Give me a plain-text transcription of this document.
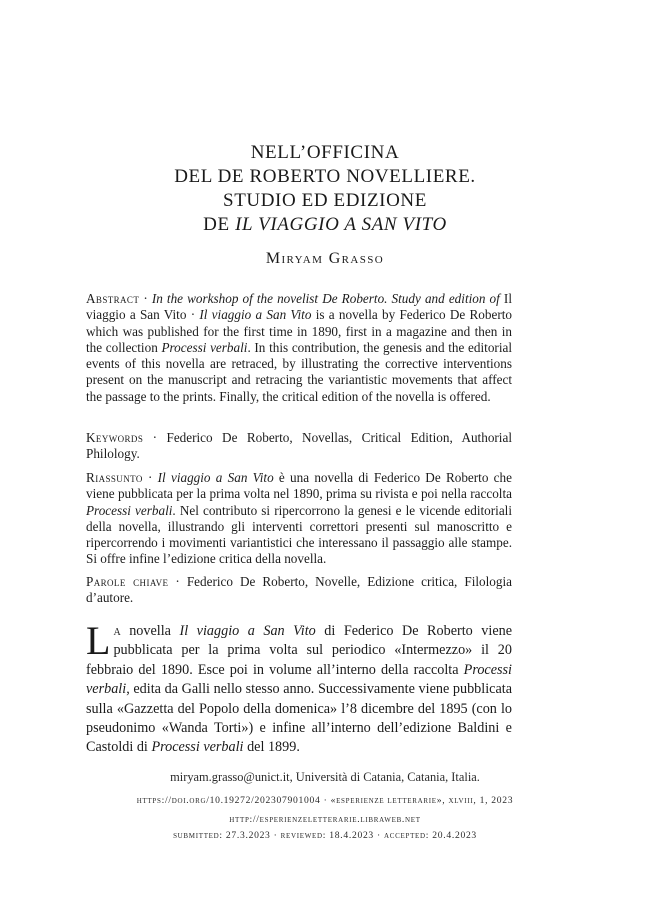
NELL’OFFICINA
DEL DE ROBERTO NOVELLIERE.
STUDIO ED EDIZIONE
DE IL VIAGGIO A SAN VITO
Miryam Grasso
Abstract · In the workshop of the novelist De Roberto. Study and edition of Il viaggio a San Vito · Il viaggio a San Vito is a novella by Federico De Roberto which was published for the first time in 1890, first in a magazine and then in the collection Processi verbali. In this contribution, the genesis and the editorial events of this novella are retraced, by illustrating the corrective interventions present on the manuscript and retracing the variantistic movements that affect the passage to the prints. Finally, the critical edition of the novella is offered.
Keywords · Federico De Roberto, Novellas, Critical Edition, Authorial Philology.
Riassunto · Il viaggio a San Vito è una novella di Federico De Roberto che viene pubblicata per la prima volta nel 1890, prima su rivista e poi nella raccolta Processi verbali. Nel contributo si ripercorrono la genesi e le vicende editoriali della novella, illustrando gli interventi correttori presenti sul manoscritto e ripercorrendo i movimenti variantistici che interessano il passaggio alle stampe. Si offre infine l’edizione critica della novella.
Parole chiave · Federico De Roberto, Novelle, Edizione critica, Filologia d’autore.
La novella Il viaggio a San Vito di Federico De Roberto viene pubblicata per la prima volta sul periodico «Intermezzo» il 20 febbraio del 1890. Esce poi in volume all’interno della raccolta Processi verbali, edita da Galli nello stesso anno. Successivamente viene pubblicata sulla «Gazzetta del Popolo della domenica» l’8 dicembre del 1895 (con lo pseudonimo «Wanda Torti») e infine all’interno dell’edizione Baldini e Castoldi di Processi verbali del 1899.
miryam.grasso@unict.it, Università di Catania, Catania, Italia.
https://doi.org/10.19272/202307901004 · «esperienze letterarie», xlviii, 1, 2023
http://esperienzeletterarie.libraweb.net
submitted: 27.3.2023 · reviewed: 18.4.2023 · accepted: 20.4.2023
